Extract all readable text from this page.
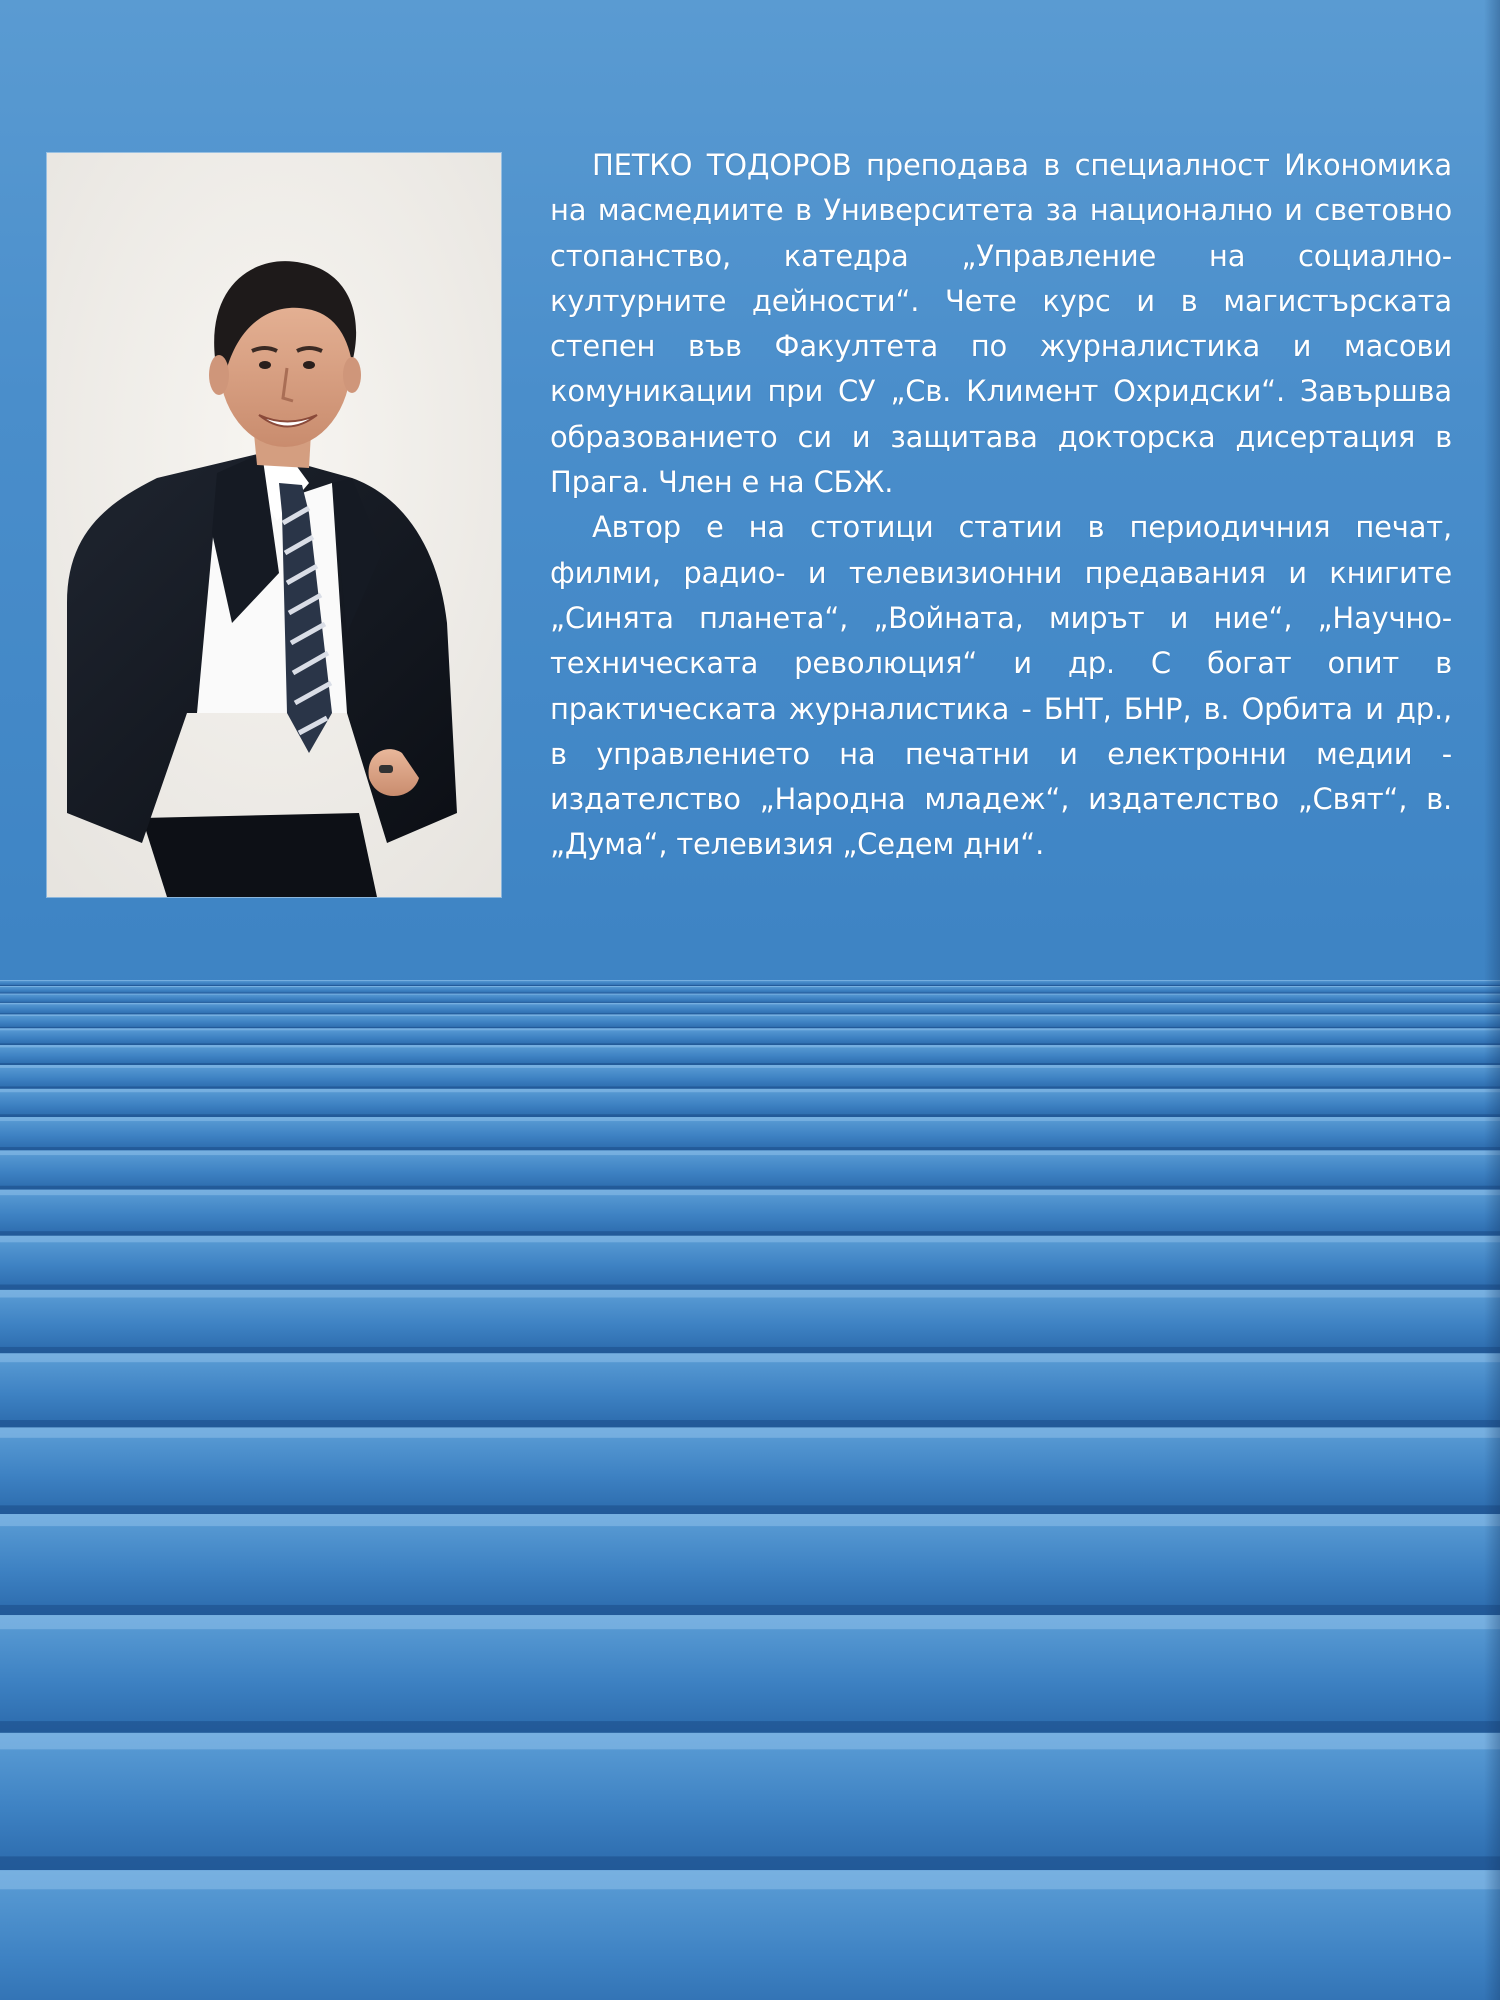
ПЕТКО ТОДОРОВ преподава в специалност Икономика на масмедиите в Университета за национално и световно стопанство, катедра „Управление на социално-културните дейности“. Чете курс и в магистърската степен във Факултета по журналистика и масови комуникации при СУ „Св. Климент Охридски“. Завършва образованието си и защитава докторска дисертация в Прага. Член е на СБЖ.

Автор е на стотици статии в периодичния печат, филми, радио- и телевизионни предавания и книгите „Синята планета“, „Войната, мирът и ние“, „Научно-техническата революция“ и др. С богат опит в практическата журналистика - БНТ, БНР, в. Орбита и др., в управлението на печатни и електронни медии - издателство „Народна младеж“, издателство „Свят“, в. „Дума“, телевизия „Седем дни“.
